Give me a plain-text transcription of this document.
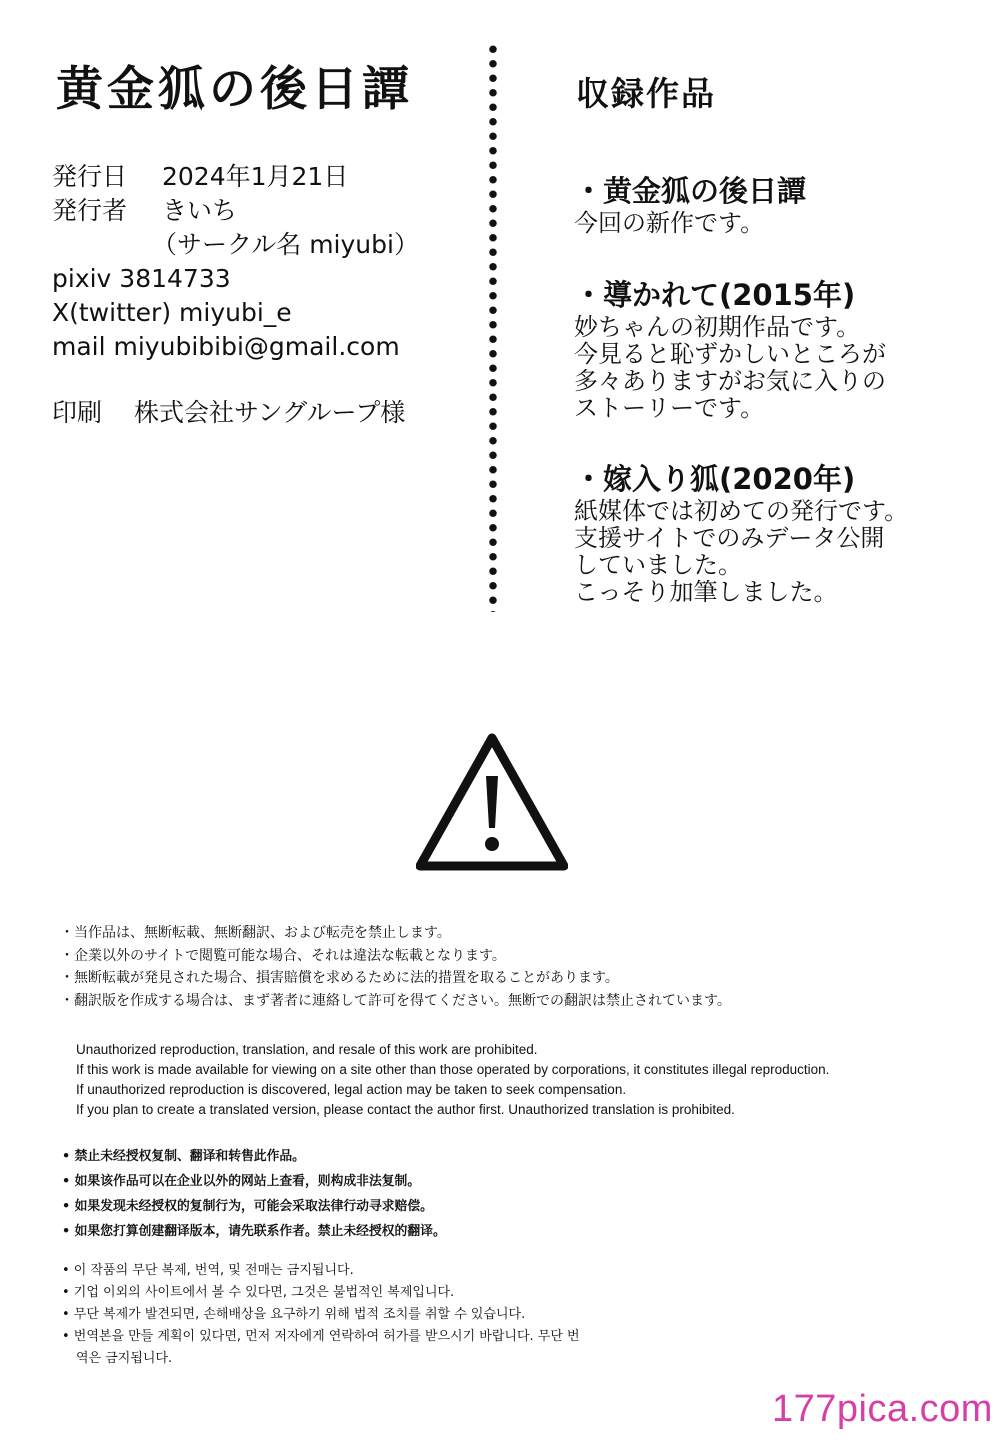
黄金狐の後日譚
発行日 2024年1月21日
発行者 きいち
（サークル名 miyubi）
pixiv 3814733
X(twitter) miyubi_e
mail miyubibibi@gmail.com
印刷 株式会社サングループ様
収録作品
・黄金狐の後日譚
今回の新作です。
・導かれて(2015年)
妙ちゃんの初期作品です。
今見ると恥ずかしいところが
多々ありますがお気に入りの
ストーリーです。
・嫁入り狐(2020年)
紙媒体では初めての発行です。
支援サイトでのみデータ公開
していました。
こっそり加筆しました。
・当作品は、無断転載、無断翻訳、および転売を禁止します。
・企業以外のサイトで閲覧可能な場合、それは違法な転載となります。
・無断転載が発見された場合、損害賠償を求めるために法的措置を取ることがあります。
・翻訳版を作成する場合は、まず著者に連絡して許可を得てください。無断での翻訳は禁止されています。
Unauthorized reproduction, translation, and resale of this work are prohibited.
If this work is made available for viewing on a site other than those operated by corporations, it constitutes illegal reproduction.
If unauthorized reproduction is discovered, legal action may be taken to seek compensation.
If you plan to create a translated version, please contact the author first. Unauthorized translation is prohibited.
• 禁止未经授权复制、翻译和转售此作品。
• 如果该作品可以在企业以外的网站上查看，则构成非法复制。
• 如果发现未经授权的复制行为，可能会采取法律行动寻求赔偿。
• 如果您打算创建翻译版本，请先联系作者。禁止未经授权的翻译。
• 이 작품의 무단 복제, 번역, 및 전매는 금지됩니다.
• 기업 이외의 사이트에서 볼 수 있다면, 그것은 불법적인 복제입니다.
• 무단 복제가 발견되면, 손해배상을 요구하기 위해 법적 조치를 취할 수 있습니다.
• 번역본을 만들 계획이 있다면, 먼저 저자에게 연락하여 허가를 받으시기 바랍니다. 무단 번
역은 금지됩니다.
177pica.com
